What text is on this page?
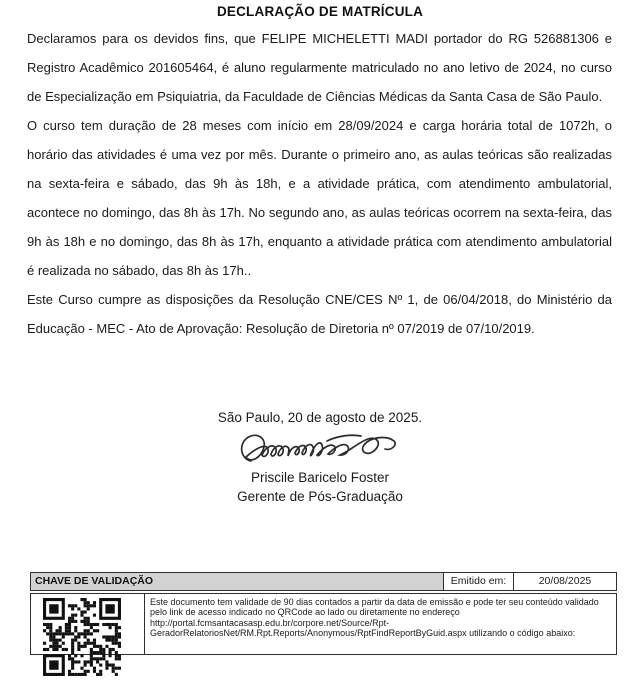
DECLARAÇÃO DE MATRÍCULA

Declaramos para os devidos fins, que FELIPE MICHELETTI MADI portador do RG 526881306 e Registro Acadêmico 201605464, é aluno regularmente matriculado no ano letivo de 2024, no curso de Especialização em Psiquiatria, da Faculdade de Ciências Médicas da Santa Casa de São Paulo.

O curso tem duração de 28 meses com início em 28/09/2024 e carga horária total de 1072h, o horário das atividades é uma vez por mês. Durante o primeiro ano, as aulas teóricas são realizadas na sexta-feira e sábado, das 9h às 18h, e a atividade prática, com atendimento ambulatorial, acontece no domingo, das 8h às 17h. No segundo ano, as aulas teóricas ocorrem na sexta-feira, das 9h às 18h e no domingo, das 8h às 17h, enquanto a atividade prática com atendimento ambulatorial é realizada no sábado, das 8h às 17h..

Este Curso cumpre as disposições da Resolução CNE/CES Nº 1, de 06/04/2018, do Ministério da Educação - MEC - Ato de Aprovação: Resolução de Diretoria nº 07/2019 de 07/10/2019.

São Paulo, 20 de agosto de 2025.
Priscile Baricelo Foster
Gerente de Pós-Graduação
CHAVE DE VALIDAÇÃO	Emitido em:	20/08/2025
Este documento tem validade de 90 dias contados a partir da data de emissão e pode ter seu conteúdo validado
pelo link de acesso indicado no QRCode ao lado ou diretamente no endereço
http://portal.fcmsantacasasp.edu.br/corpore.net/Source/Rpt-
GeradorRelatoriosNet/RM.Rpt.Reports/Anonymous/RptFindReportByGuid.aspx utilizando o código abaixo:
